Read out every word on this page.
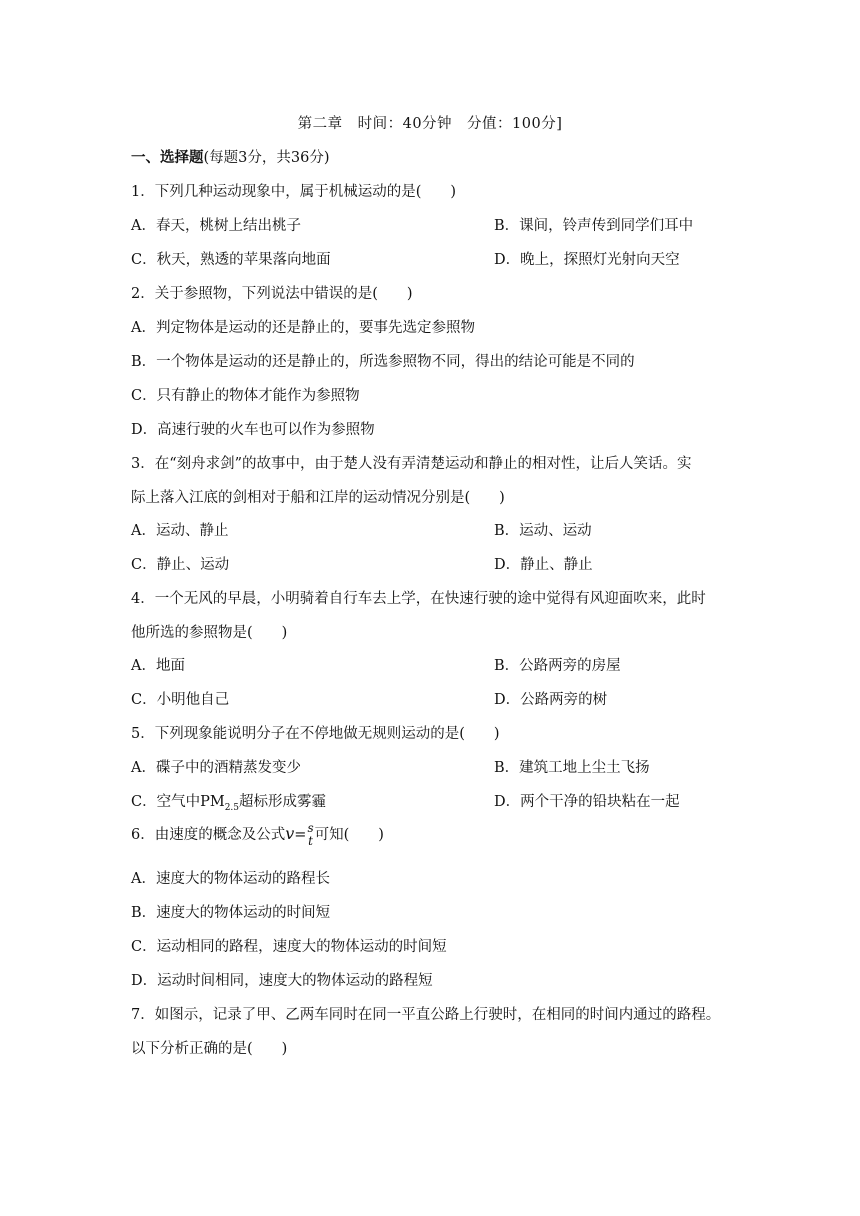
第二章　时间：40分钟　分值：100分]
一、选择题(每题3分，共36分)
1．下列几种运动现象中，属于机械运动的是(　　)
A．春天，桃树上结出桃子	B．课间，铃声传到同学们耳中
C．秋天，熟透的苹果落向地面	D．晚上，探照灯光射向天空
2．关于参照物，下列说法中错误的是(　　)
A．判定物体是运动的还是静止的，要事先选定参照物
B．一个物体是运动的还是静止的，所选参照物不同，得出的结论可能是不同的
C．只有静止的物体才能作为参照物
D．高速行驶的火车也可以作为参照物
3．在“刻舟求剑”的故事中，由于楚人没有弄清楚运动和静止的相对性，让后人笑话。实
际上落入江底的剑相对于船和江岸的运动情况分别是(　　)
A．运动、静止	B．运动、运动
C．静止、运动	D．静止、静止
4．一个无风的早晨，小明骑着自行车去上学，在快速行驶的途中觉得有风迎面吹来，此时
他所选的参照物是(　　)
A．地面	B．公路两旁的房屋
C．小明他自己	D．公路两旁的树
5．下列现象能说明分子在不停地做无规则运动的是(　　)
A．碟子中的酒精蒸发变少	B．建筑工地上尘土飞扬
C．空气中$PM_{2.5}$超标形成雾霾	D．两个干净的铅块粘在一起
6．由速度的概念及公式v= s
t 可知(　　)
A．速度大的物体运动的路程长
B．速度大的物体运动的时间短
C．运动相同的路程，速度大的物体运动的时间短
D．运动时间相同，速度大的物体运动的路程短
7．如图示，记录了甲、乙两车同时在同一平直公路上行驶时，在相同的时间内通过的路程。
以下分析正确的是(　　)
